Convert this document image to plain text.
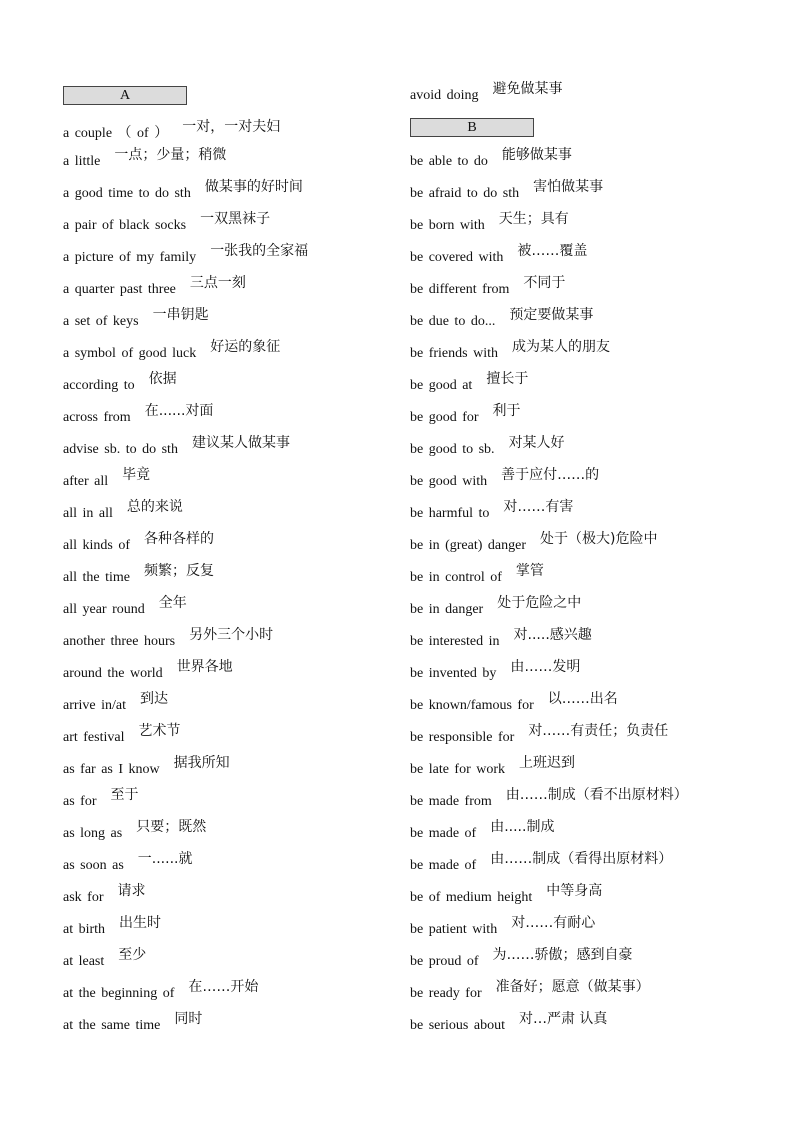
A
a couple （ of ） 一对，一对夫妇
a little 一点；少量；稍微
a good time to do sth 做某事的好时间
a pair of black socks 一双黑袜子
a picture of my family 一张我的全家福
a quarter past three 三点一刻
a set of keys 一串钥匙
a symbol of good luck 好运的象征
according to 依据
across from 在......对面
advise sb. to do sth 建议某人做某事
after all 毕竟
all in all 总的来说
all kinds of 各种各样的
all the time 频繁；反复
all year round 全年
another three hours 另外三个小时
around the world 世界各地
arrive in/at 到达
art festival 艺术节
as far as I know 据我所知
as for 至于
as long as 只要；既然
as soon as 一......就
ask for 请求
at birth 出生时
at least 至少
at the beginning of 在……开始
at the same time 同时
avoid doing 避免做某事
B
be able to do 能够做某事
be afraid to do sth 害怕做某事
be born with 天生；具有
be covered with 被……覆盖
be different from 不同于
be due to do... 预定要做某事
be friends with 成为某人的朋友
be good at 擅长于
be good for 利于
be good to sb. 对某人好
be good with 善于应付……的
be harmful to 对……有害
be in (great) danger 处于（极大)危险中
be in control of 掌管
be in danger 处于危险之中
be interested in 对.....感兴趣
be invented by 由……发明
be known/famous for 以……出名
be responsible for 对……有责任；负责任
be late for work 上班迟到
be made from 由……制成（看不出原材料）
be made of 由.....制成
be made of 由……制成（看得出原材料）
be of medium height 中等身高
be patient with 对……有耐心
be proud of 为……骄傲；感到自豪
be ready for 准备好；愿意（做某事）
be serious about 对…严肃 认真
